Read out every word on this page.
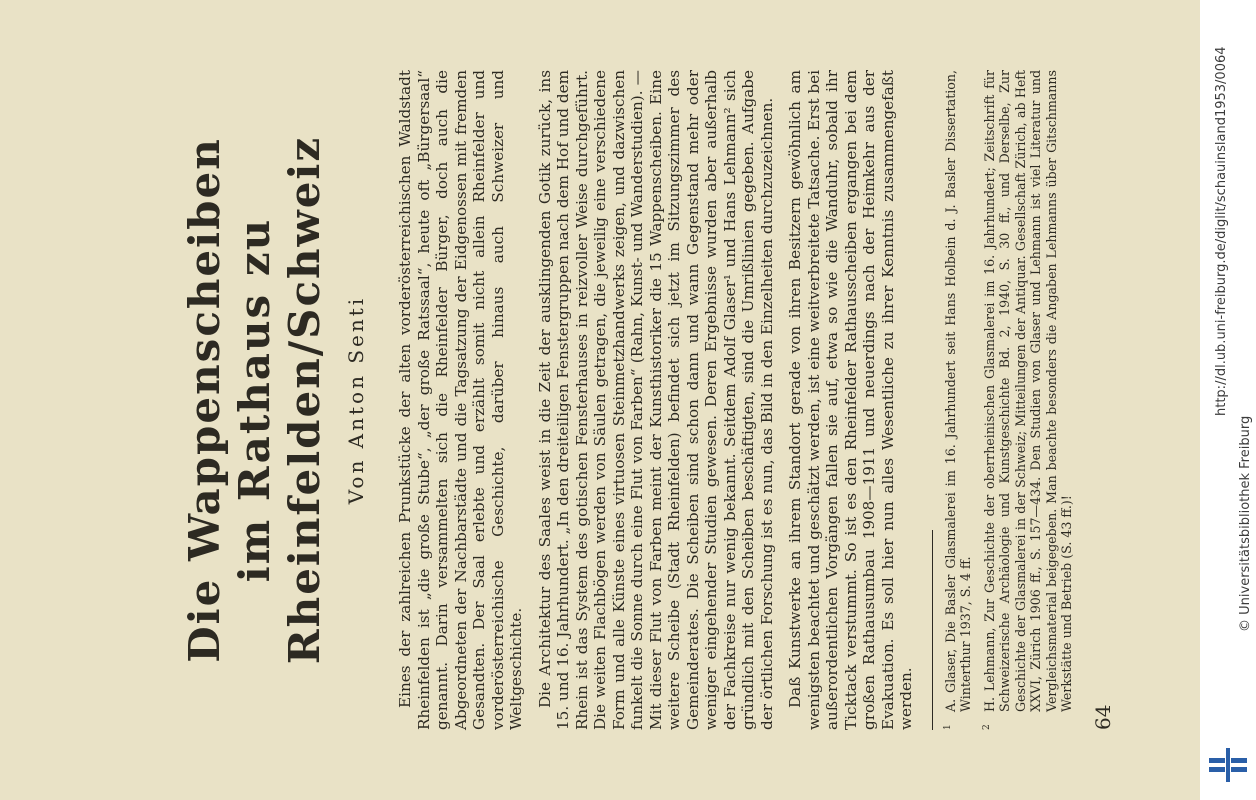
Die Wappenscheiben im Rathaus zu Rheinfelden/Schweiz Von Anton Senti Eines der zahlreichen Prunkstücke der alten vorderösterreichischen Waldstadt Rheinfelden ist „die große Stube“, „der große Ratssaal“, heute oft „Bürgersaal“ genannt. Darin versammelten sich die Rheinfelder Bürger, doch auch die Abgeordneten der Nachbarstädte und die Tagsatzung der Eidgenossen mit fremden Gesandten. Der Saal erlebte und erzählt somit nicht allein Rheinfelder und vorderösterreichische Geschichte, darüber hinaus auch Schweizer und Weltgeschichte. Die Architektur des Saales weist in die Zeit der ausklingenden Gotik zurück, ins 15. und 16. Jahrhundert. „In den dreiteiligen Fenstergruppen nach dem Hof und dem Rhein ist das System des gotischen Fensterhauses in reizvoller Weise durchgeführt. Die weiten Flachbögen werden von Säulen getragen, die jeweilig eine verschiedene Form und alle Künste eines virtuosen Steinmetzhandwerks zeigen, und dazwischen funkelt die Sonne durch eine Flut von Farben“ (Rahn, Kunst- und Wanderstudien). — Mit dieser Flut von Farben meint der Kunsthistoriker die 15 Wappenscheiben. Eine weitere Scheibe (Stadt Rheinfelden) befindet sich jetzt im Sitzungszimmer des Gemeinderates. Die Scheiben sind schon dann und wann Gegenstand mehr oder weniger eingehender Studien gewesen. Deren Ergebnisse wurden aber außerhalb der Fachkreise nur wenig bekannt. Seitdem Adolf Glaser¹ und Hans Lehmann² sich gründlich mit den Scheiben beschäftigten, sind die Umrißlinien gegeben. Aufgabe der örtlichen Forschung ist es nun, das Bild in den Einzelheiten durchzuzeichnen. Daß Kunstwerke an ihrem Standort gerade von ihren Besitzern gewöhnlich am wenigsten beachtet und geschätzt werden, ist eine weitverbreitete Tatsache. Erst bei außerordentlichen Vorgängen fallen sie auf, etwa so wie die Wanduhr, sobald ihr Ticktack verstummt. So ist es den Rheinfelder Rathausscheiben ergangen bei dem großen Rathausumbau 1908—1911 und neuerdings nach der Heimkehr aus der Evakuation. Es soll hier nun alles Wesentliche zu ihrer Kenntnis zusammengefaßt werden.	1
A. Glaser, Die Basler Glasmalerei im 16. Jahrhundert seit Hans Holbein d. J. Basler Dissertation, Winterthur 1937, S. 4 ff.
2
H. Lehmann, Zur Geschichte der oberrheinischen Glasmalerei im 16. Jahrhundert; Zeitschrift für Schweizerische Archäologie und Kunstgeschichte Bd. 2, 1940, S. 30 ff., und Derselbe, Zur Geschichte der Glasmalerei in der Schweiz; Mitteilungen der Antiquar. Gesellschaft Zürich, ab Heft XXVI, Zürich 1906 ff., S. 157—434. Den Studien von Glaser und Lehmann ist viel Literatur und Vergleichsmaterial beigegeben. Man beachte besonders die Angaben Lehmanns über Gitschmanns Werkstätte und Betrieb (S. 43 ff.)!
64
http://dl.ub.uni-freiburg.de/diglit/schauinsland1953/0064
© Universitätsbibliothek Freiburg
